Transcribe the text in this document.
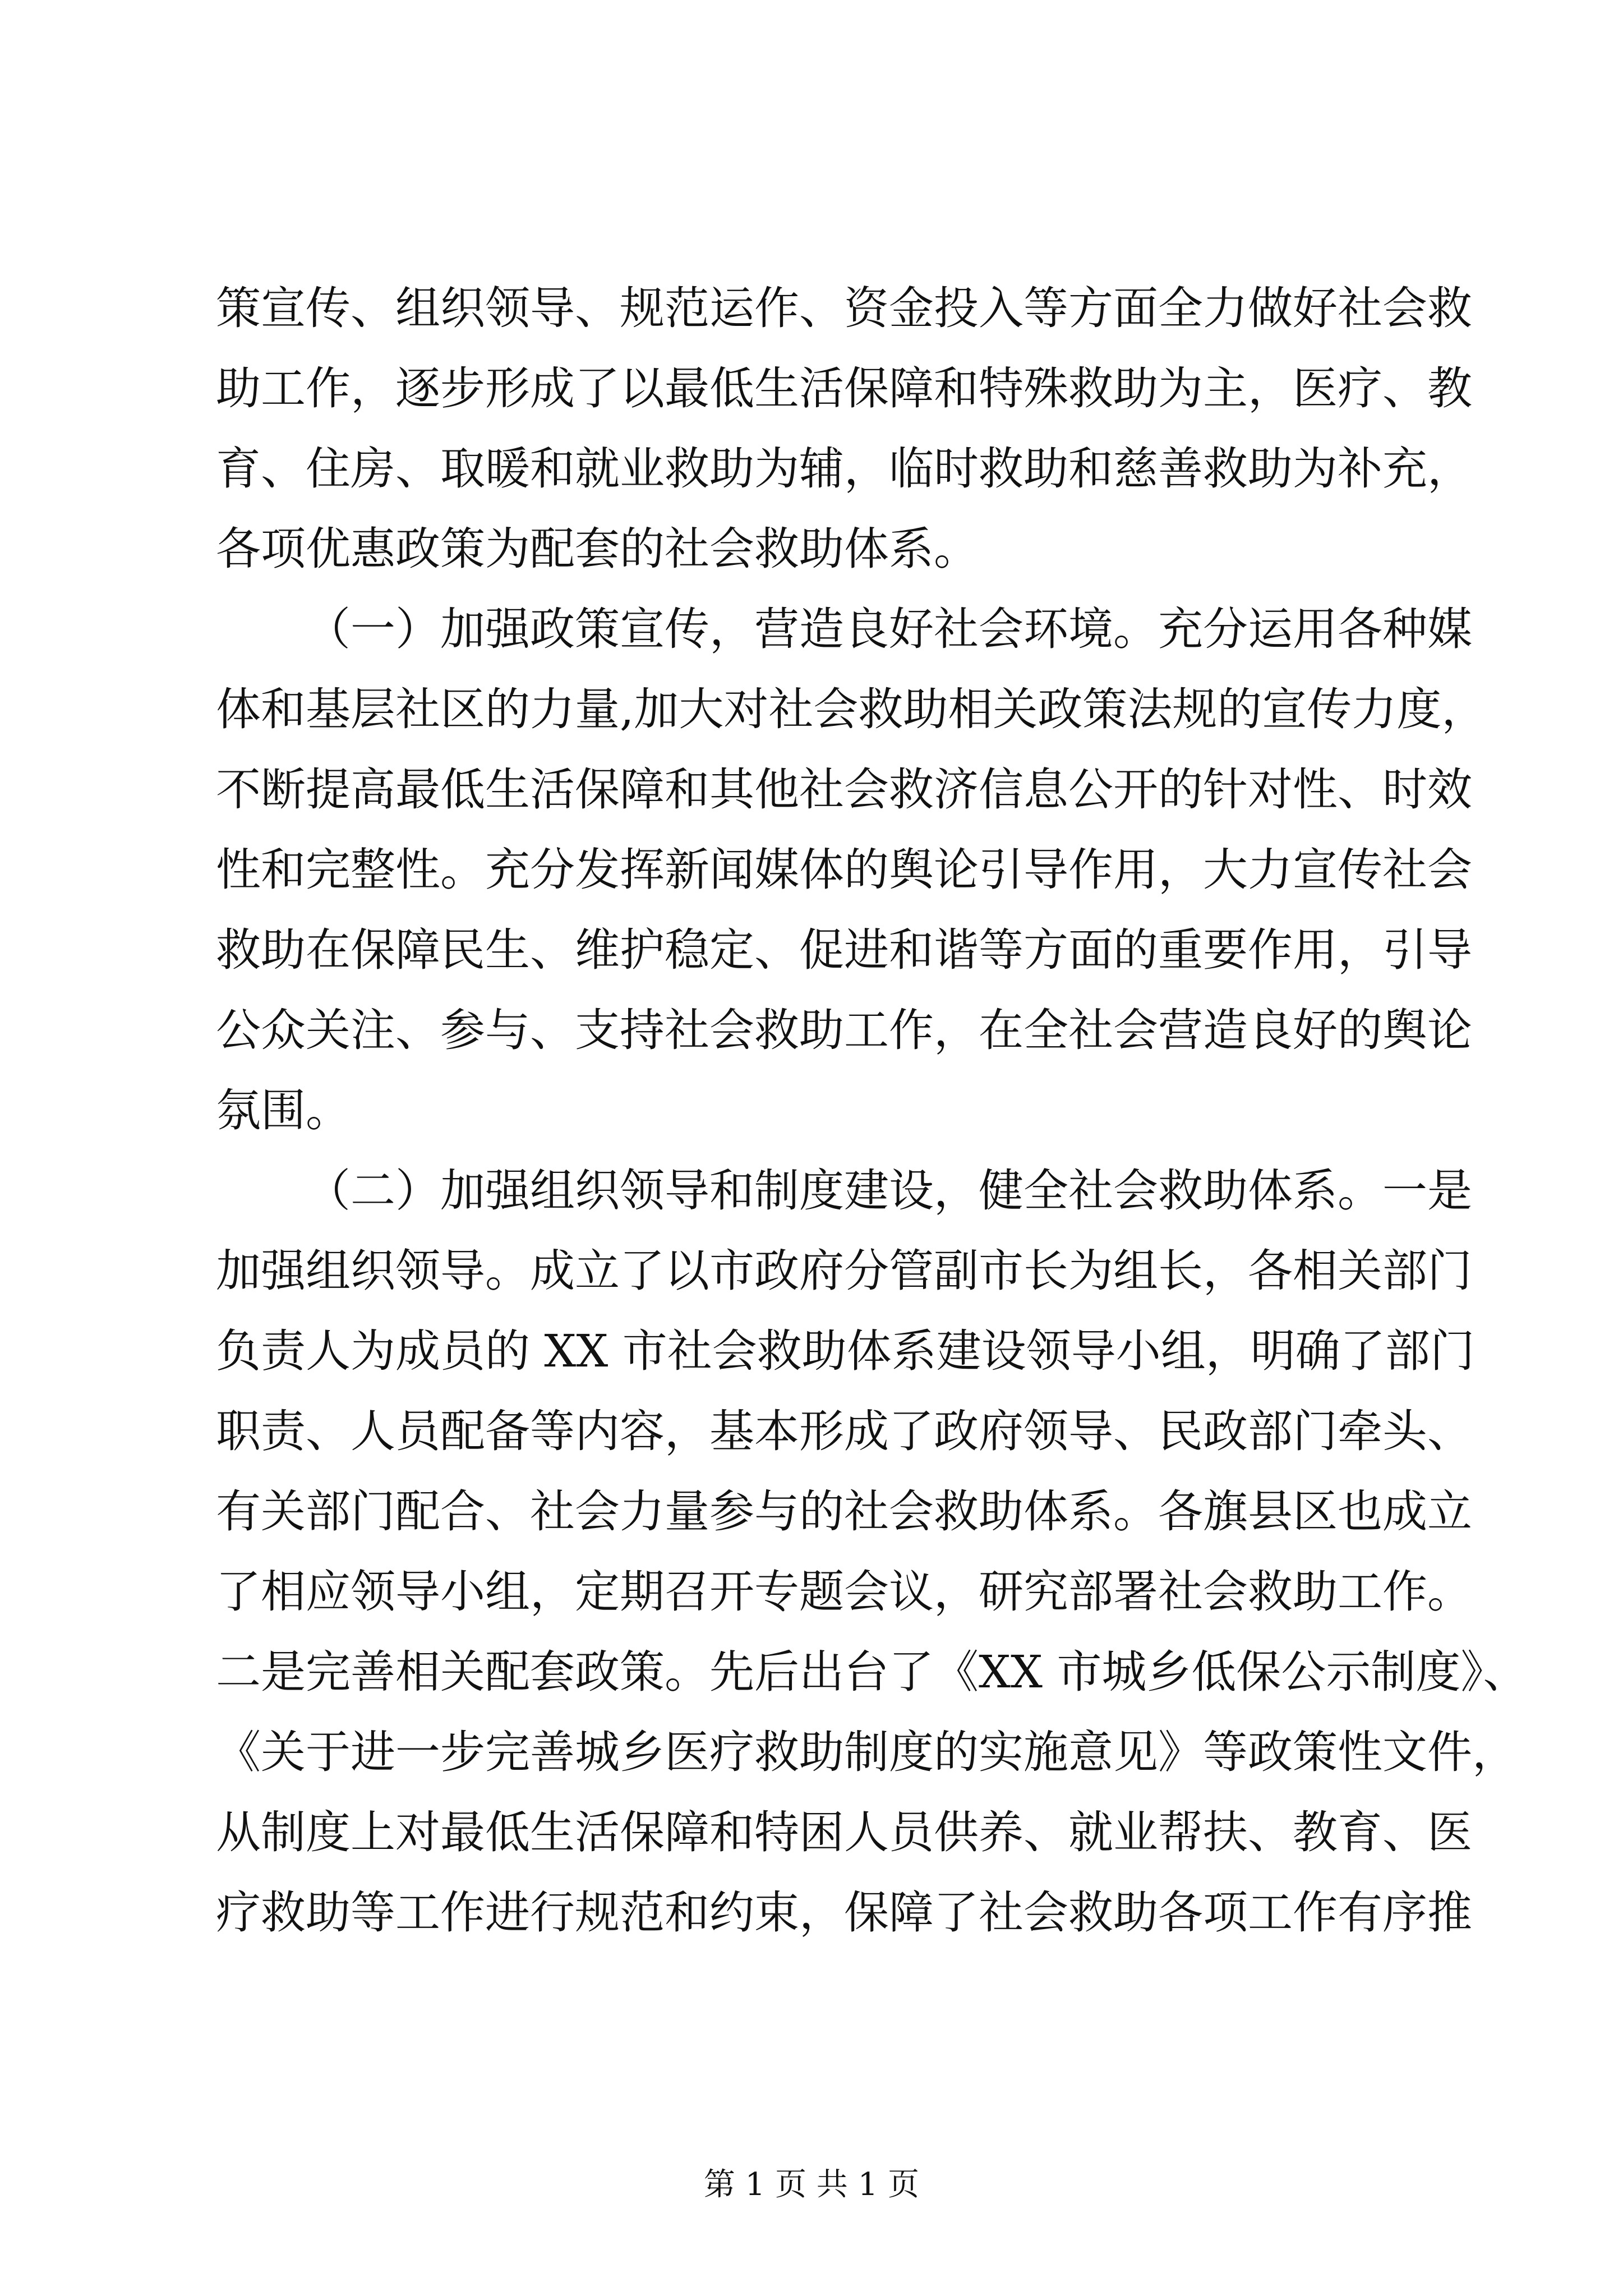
策宣传、组织领导、规范运作、资金投入等方面全力做好社会救
助工作，逐步形成了以最低生活保障和特殊救助为主，医疗、教
育、住房、取暖和就业救助为辅，临时救助和慈善救助为补充，
各项优惠政策为配套的社会救助体系。
（一）加强政策宣传，营造良好社会环境。充分运用各种媒
体和基层社区的力量,加大对社会救助相关政策法规的宣传力度，
不断提高最低生活保障和其他社会救济信息公开的针对性、时效
性和完整性。充分发挥新闻媒体的舆论引导作用，大力宣传社会
救助在保障民生、维护稳定、促进和谐等方面的重要作用，引导
公众关注、参与、支持社会救助工作，在全社会营造良好的舆论
氛围。
（二）加强组织领导和制度建设，健全社会救助体系。一是
加强组织领导。成立了以市政府分管副市长为组长，各相关部门
负责人为成员的 XX 市社会救助体系建设领导小组，明确了部门
职责、人员配备等内容，基本形成了政府领导、民政部门牵头、
有关部门配合、社会力量参与的社会救助体系。各旗县区也成立
了相应领导小组，定期召开专题会议，研究部署社会救助工作。
二是完善相关配套政策。先后出台了《XX 市城乡低保公示制度》、
《关于进一步完善城乡医疗救助制度的实施意见》等政策性文件，
从制度上对最低生活保障和特困人员供养、就业帮扶、教育、医
疗救助等工作进行规范和约束，保障了社会救助各项工作有序推
第 1 页 共 1 页
